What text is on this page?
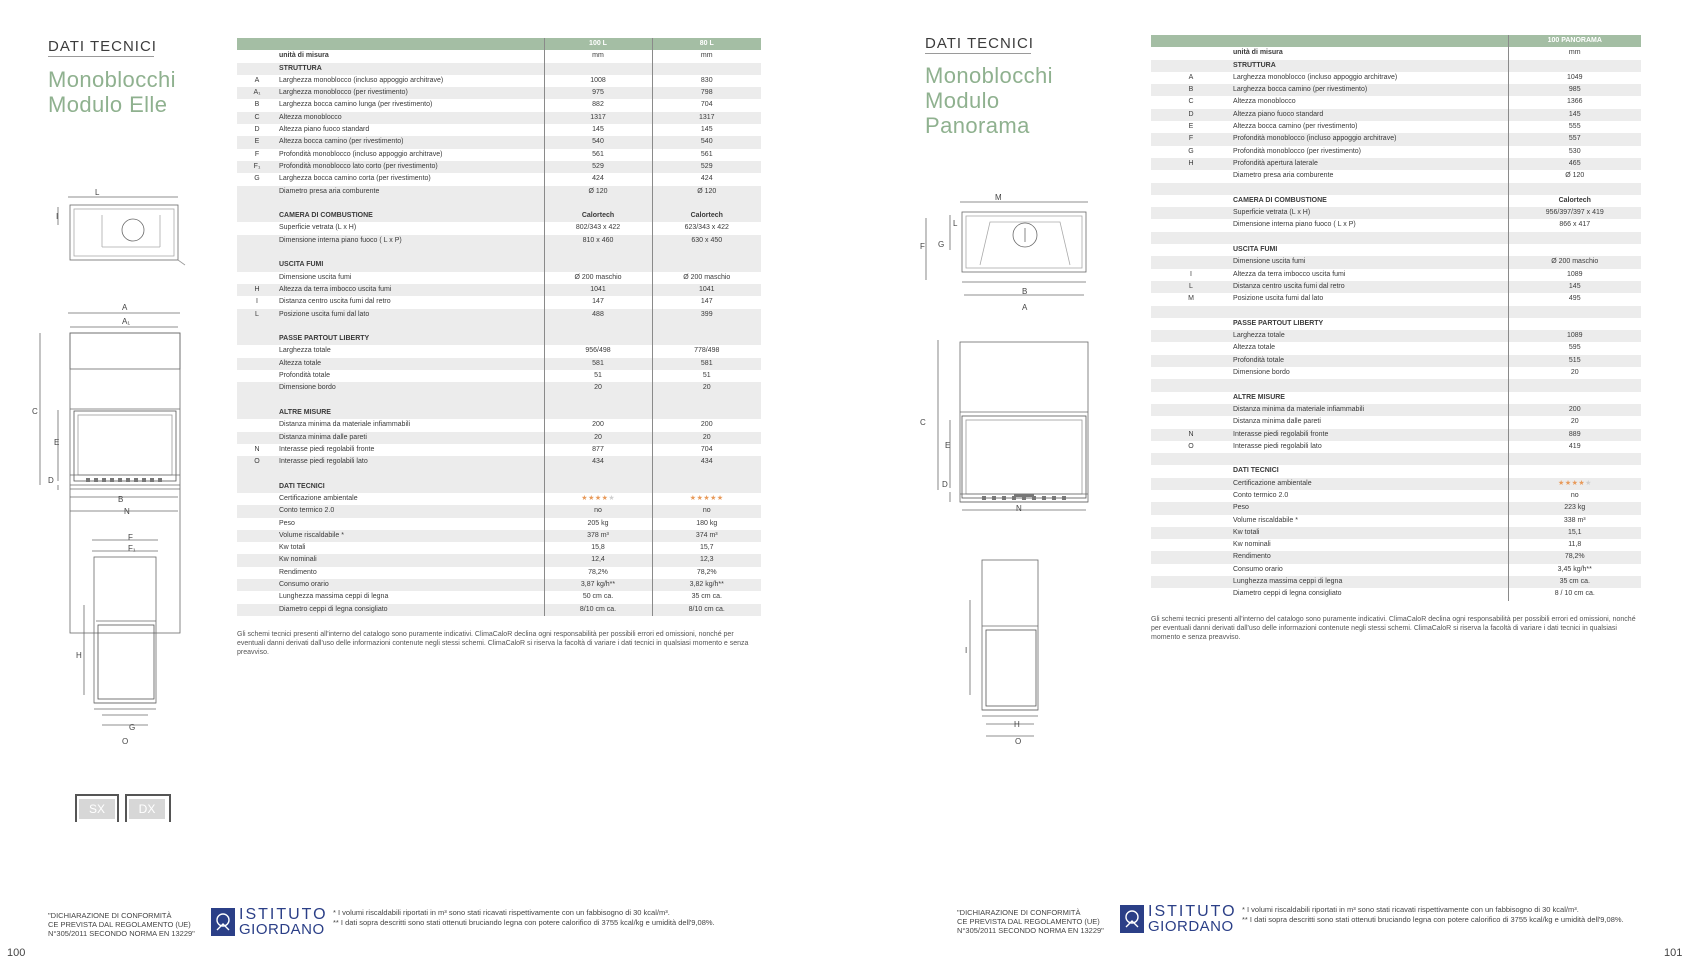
DATI TECNICI
Monoblocchi
Modulo Elle
L
I
A
A₁
C
E
D
B
N
F
F₁
H
G
O
SX	DX
		100 L	80 L
	unità di misura	mm	mm
	STRUTTURA		
A	Larghezza monoblocco (incluso appoggio architrave)	1008	830
A₁	Larghezza monoblocco (per rivestimento)	975	798
B	Larghezza bocca camino lunga (per rivestimento)	882	704
C	Altezza monoblocco	1317	1317
D	Altezza piano fuoco standard	145	145
E	Altezza bocca camino (per rivestimento)	540	540
F	Profondità monoblocco (incluso appoggio architrave)	561	561
F₁	Profondità monoblocco lato corto (per rivestimento)	529	529
G	Larghezza bocca camino corta (per rivestimento)	424	424
	Diametro presa aria comburente	Ø 120	Ø 120

	CAMERA DI COMBUSTIONE	Calortech	Calortech
	Superficie vetrata (L x H)	802/343 x 422	623/343 x 422
	Dimensione interna piano fuoco ( L x P)	810 x 460	630 x 450

	USCITA FUMI		
	Dimensione uscita fumi	Ø 200 maschio	Ø 200 maschio
H	Altezza da terra imbocco uscita fumi	1041	1041
I	Distanza centro uscita fumi dal retro	147	147
L	Posizione uscita fumi dal lato	488	399

	PASSE PARTOUT LIBERTY		
	Larghezza totale	956/498	778/498
	Altezza totale	581	581
	Profondità totale	51	51
	Dimensione bordo	20	20

	ALTRE MISURE		
	Distanza minima da materiale infiammabili	200	200
	Distanza minima dalle pareti	20	20
N	Interasse piedi regolabili fronte	877	704
O	Interasse piedi regolabili lato	434	434

	DATI TECNICI		
	Certificazione ambientale	★★★★★	★★★★★
	Conto termico 2.0	no	no
	Peso	205 kg	180 kg
	Volume riscaldabile *	378 m³	374 m³
	Kw totali	15,8	15,7
	Kw nominali	12,4	12,3
	Rendimento	78,2%	78,2%
	Consumo orario	3,87 kg/h**	3,82 kg/h**
	Lunghezza massima ceppi di legna	50 cm ca.	35 cm ca.
	Diametro ceppi di legna consigliato	8/10 cm ca.	8/10 cm ca.
Gli schemi tecnici presenti all'interno del catalogo sono puramente indicativi. ClimaCaloR declina ogni responsabilità per possibili errori ed omissioni, nonché per eventuali danni derivati dall'uso delle informazioni contenute negli stessi schemi. ClimaCaloR si riserva la facoltà di variare i dati tecnici in qualsiasi momento e senza preavviso.
"DICHIARAZIONE DI CONFORMITÀ
CE PREVISTA DAL REGOLAMENTO (UE)
N°305/2011 SECONDO NORMA EN 13229"
ISTITUTO
GIORDANO
* I volumi riscaldabili riportati in m³ sono stati ricavati rispettivamente con un fabbisogno di 30 kcal/m³.
** I dati sopra descritti sono stati ottenuti bruciando legna con potere calorifico di 3755 kcal/kg e umidità dell'9,08%.
100
DATI TECNICI
Monoblocchi
Modulo
Panorama
M
L
F G
B
A
C
E
D
N
I
H
O
		100 PANORAMA
	unità di misura	mm
	STRUTTURA	
A	Larghezza monoblocco (incluso appoggio architrave)	1049
B	Larghezza bocca camino (per rivestimento)	985
C	Altezza monoblocco	1366
D	Altezza piano fuoco standard	145
E	Altezza bocca camino (per rivestimento)	555
F	Profondità monoblocco (incluso appoggio architrave)	557
G	Profondità monoblocco (per rivestimento)	530
H	Profondità apertura laterale	465
	Diametro presa aria comburente	Ø 120

	CAMERA DI COMBUSTIONE	Calortech
	Superficie vetrata (L x H)	956/397/397 x 419
	Dimensione interna piano fuoco ( L x P)	866 x 417

	USCITA FUMI	
	Dimensione uscita fumi	Ø 200 maschio
I	Altezza da terra imbocco uscita fumi	1089
L	Distanza centro uscita fumi dal retro	145
M	Posizione uscita fumi dal lato	495

	PASSE PARTOUT LIBERTY	
	Larghezza totale	1089
	Altezza totale	595
	Profondità totale	515
	Dimensione bordo	20

	ALTRE MISURE	
	Distanza minima da materiale infiammabili	200
	Distanza minima dalle pareti	20
N	Interasse piedi regolabili fronte	889
O	Interasse piedi regolabili lato	419

	DATI TECNICI	
	Certificazione ambientale	★★★★★
	Conto termico 2.0	no
	Peso	223 kg
	Volume riscaldabile *	338 m³
	Kw totali	15,1
	Kw nominali	11,8
	Rendimento	78,2%
	Consumo orario	3,45 kg/h**
	Lunghezza massima ceppi di legna	35 cm ca.
	Diametro ceppi di legna consigliato	8 / 10 cm ca.
Gli schemi tecnici presenti all'interno del catalogo sono puramente indicativi. ClimaCaloR declina ogni responsabilità per possibili errori ed omissioni, nonché per eventuali danni derivati dall'uso delle informazioni contenute negli stessi schemi. ClimaCaloR si riserva la facoltà di variare i dati tecnici in qualsiasi momento e senza preavviso.
"DICHIARAZIONE DI CONFORMITÀ
CE PREVISTA DAL REGOLAMENTO (UE)
N°305/2011 SECONDO NORMA EN 13229"
ISTITUTO
GIORDANO
* I volumi riscaldabili riportati in m³ sono stati ricavati rispettivamente con un fabbisogno di 30 kcal/m³.
** I dati sopra descritti sono stati ottenuti bruciando legna con potere calorifico di 3755 kcal/kg e umidità dell'9,08%.
101
